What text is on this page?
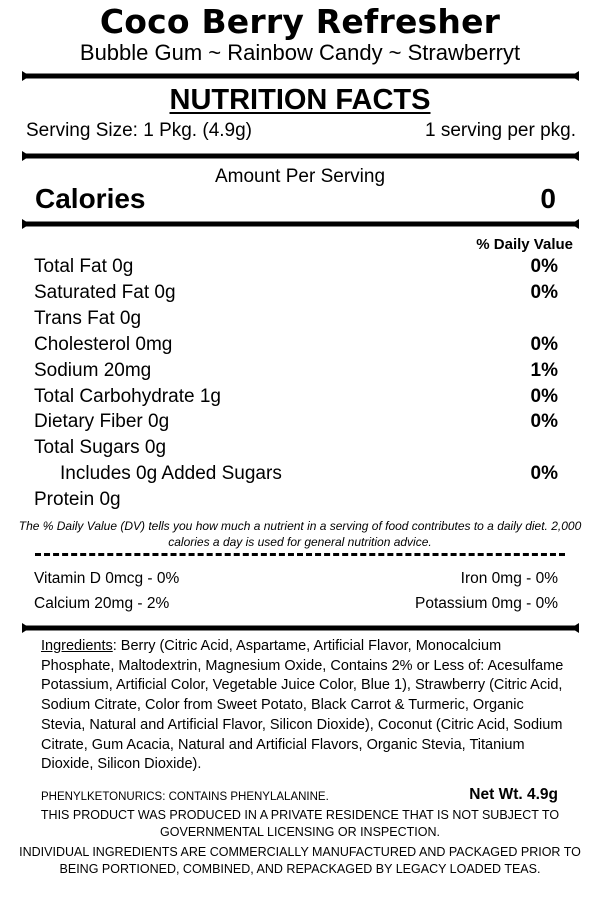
Coco Berry Refresher
Bubble Gum ~ Rainbow Candy ~ Strawberryt
NUTRITION FACTS
Serving Size: 1 Pkg. (4.9g)	1 serving per pkg.
Amount Per Serving
Calories	0
% Daily Value
Total Fat 0g	0%
Saturated Fat 0g	0%
Trans Fat 0g
Cholesterol 0mg	0%
Sodium 20mg	1%
Total Carbohydrate 1g	0%
Dietary Fiber 0g	0%
Total Sugars 0g
Includes 0g Added Sugars	0%
Protein 0g
The % Daily Value (DV) tells you how much a nutrient in a serving of food contributes to a daily diet. 2,000 calories a day is used for general nutrition advice.
Vitamin D 0mcg - 0%	Iron 0mg - 0%
Calcium 20mg - 2%	Potassium 0mg - 0%
Ingredients: Berry (Citric Acid, Aspartame, Artificial Flavor, Monocalcium Phosphate, Maltodextrin, Magnesium Oxide, Contains 2% or Less of: Acesulfame Potassium, Artificial Color, Vegetable Juice Color, Blue 1), Strawberry (Citric Acid, Sodium Citrate, Color from Sweet Potato, Black Carrot & Turmeric, Organic Stevia, Natural and Artificial Flavor, Silicon Dioxide), Coconut (Citric Acid, Sodium Citrate, Gum Acacia, Natural and Artificial Flavors, Organic Stevia, Titanium Dioxide, Silicon Dioxide).
PHENYLKETONURICS: CONTAINS PHENYLALANINE.	Net Wt. 4.9g
THIS PRODUCT WAS PRODUCED IN A PRIVATE RESIDENCE THAT IS NOT SUBJECT TO GOVERNMENTAL LICENSING OR INSPECTION.
INDIVIDUAL INGREDIENTS ARE COMMERCIALLY MANUFACTURED AND PACKAGED PRIOR TO BEING PORTIONED, COMBINED, AND REPACKAGED BY LEGACY LOADED TEAS.
